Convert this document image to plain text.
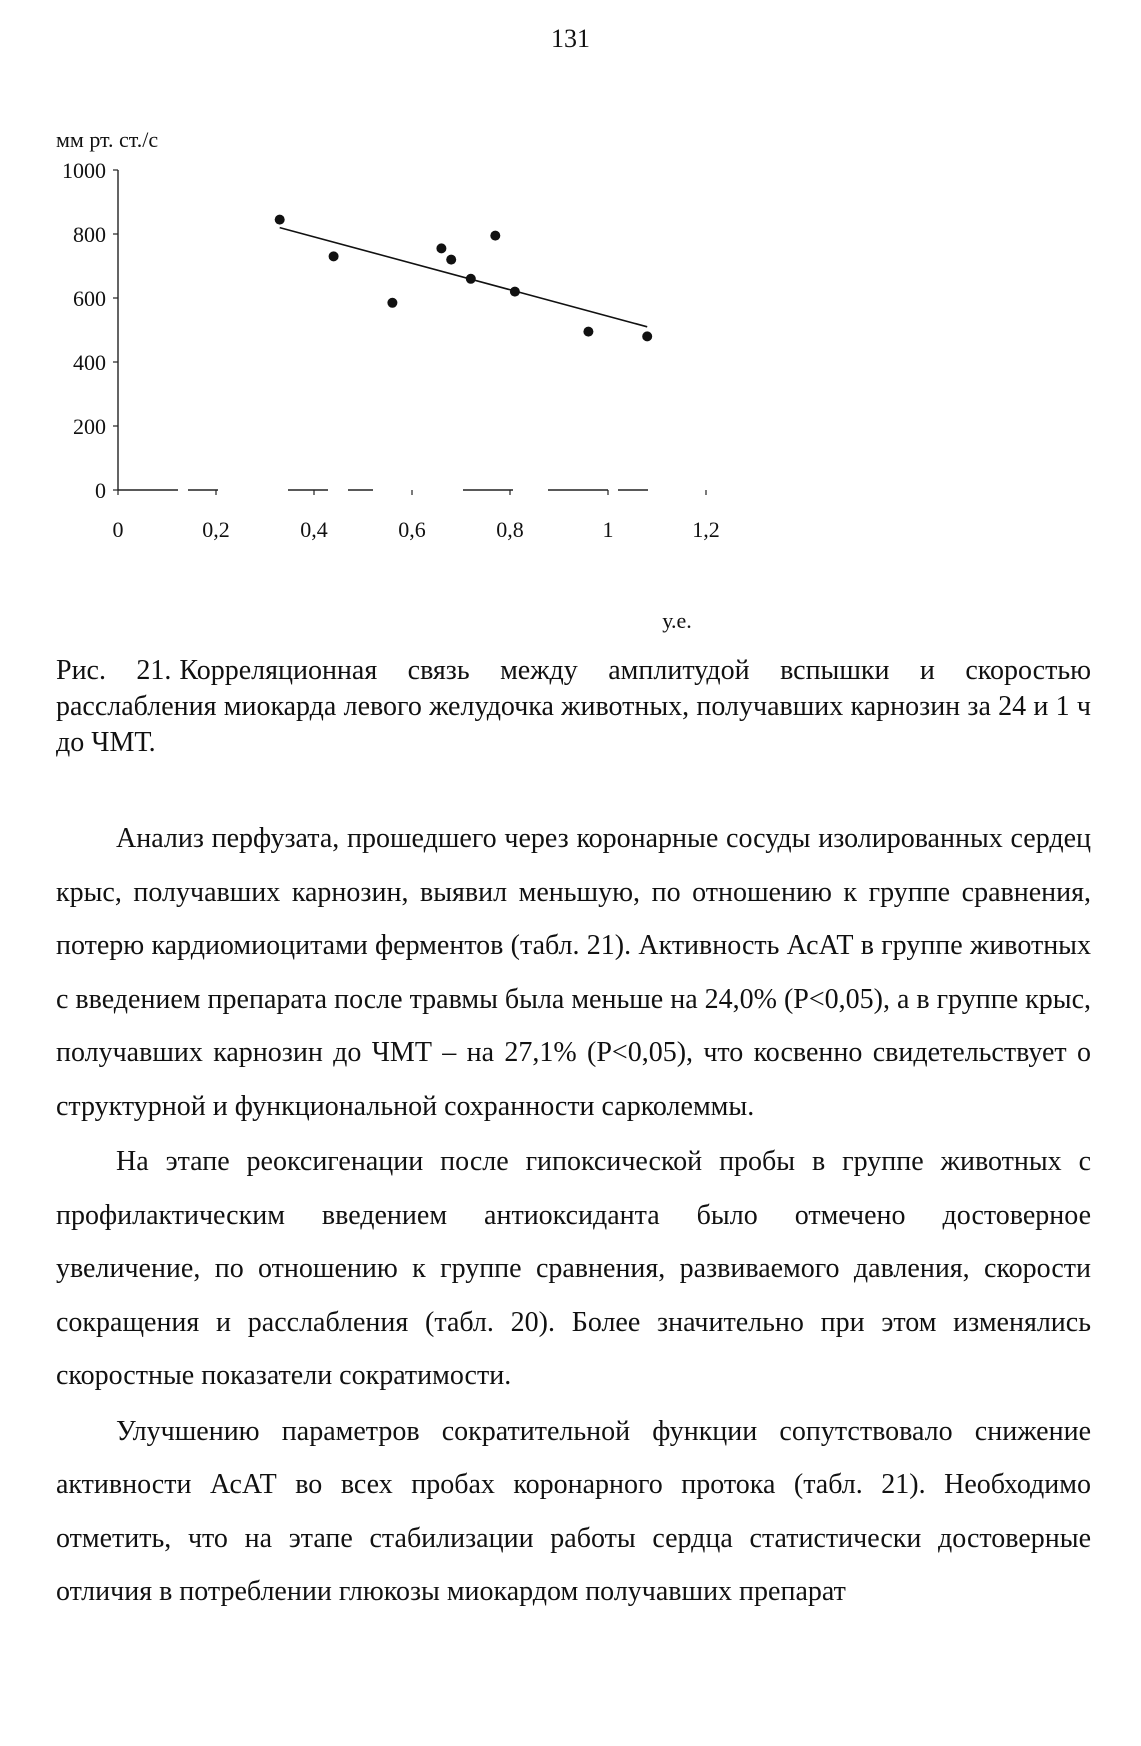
131
мм рт. ст./с
у.е.
0
200
400
600
800
1000
0	0,2	0,4	0,6	0,8	1	1,2

Рис. 21. Корреляционная связь между амплитудой вспышки и скоростью расслабления миокарда левого желудочка животных, получавших карнозин за 24 и 1 ч до ЧМТ.

Анализ перфузата, прошедшего через коронарные сосуды изолированных сердец крыс, получавших карнозин, выявил меньшую, по отношению к группе сравнения, потерю кардиомиоцитами ферментов (табл. 21). Активность АсАТ в группе животных с введением препарата после травмы была меньше на 24,0% (P<0,05), а в группе крыс, получавших карнозин до ЧМТ – на 27,1% (P<0,05), что косвенно свидетельствует о структурной и функциональной сохранности сарколеммы.

На этапе реоксигенации после гипоксической пробы в группе животных с профилактическим введением антиоксиданта было отмечено достоверное увеличение, по отношению к группе сравнения, развиваемого давления, скорости сокращения и расслабления (табл. 20). Более значительно при этом изменялись скоростные показатели сократимости.

Улучшению параметров сократительной функции сопутствовало снижение активности АсАТ во всех пробах коронарного протока (табл. 21). Необходимо отметить, что на этапе стабилизации работы сердца статистически достоверные отличия в потреблении глюкозы миокардом получавших препарат
